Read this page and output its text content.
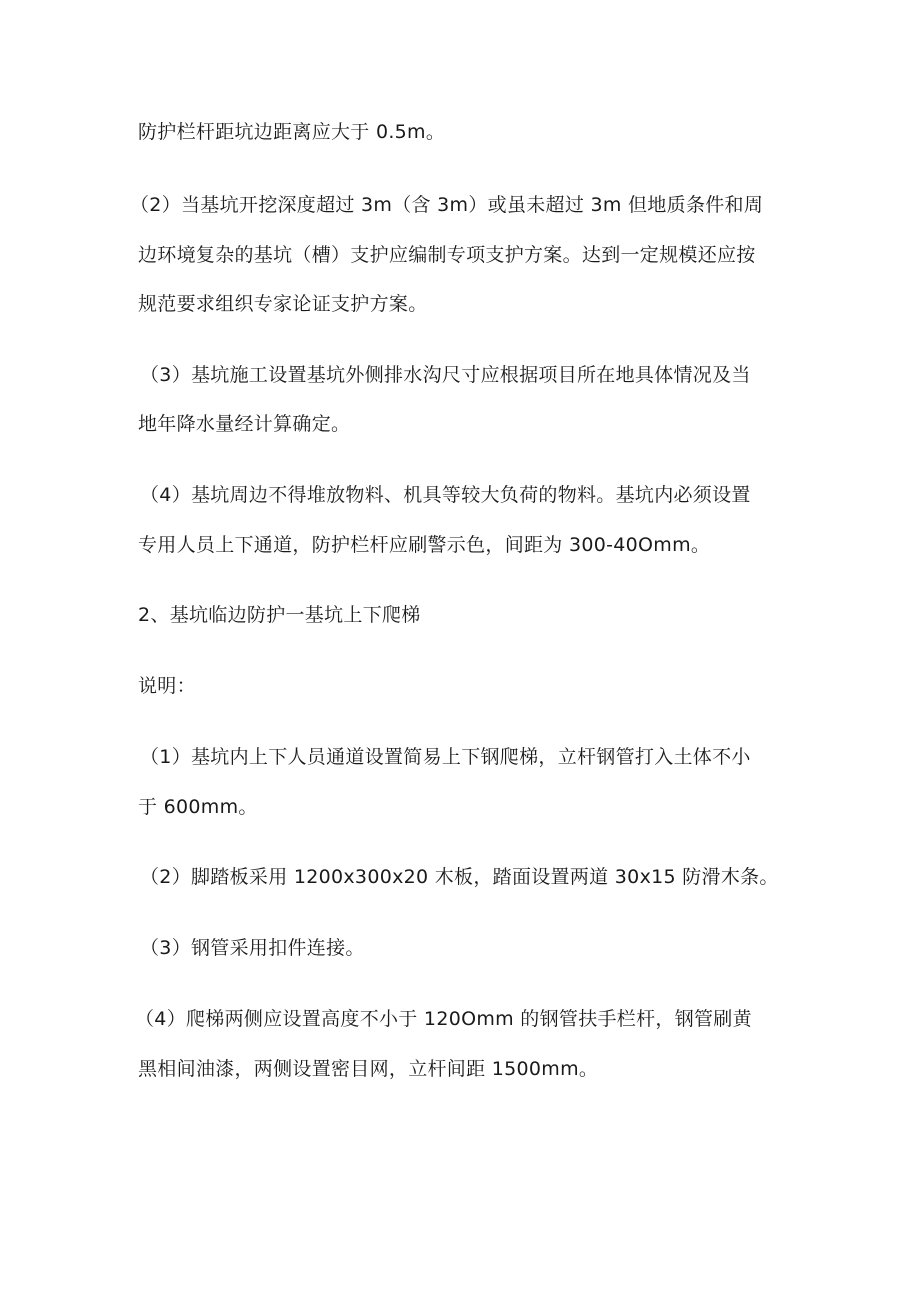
防护栏杆距坑边距离应大于 0.5m。
（2）当基坑开挖深度超过 3m（含 3m）或虽未超过 3m 但地质条件和周
边环境复杂的基坑（槽）支护应编制专项支护方案。达到一定规模还应按
规范要求组织专家论证支护方案。
（3）基坑施工设置基坑外侧排水沟尺寸应根据项目所在地具体情况及当
地年降水量经计算确定。
（4）基坑周边不得堆放物料、机具等较大负荷的物料。基坑内必须设置
专用人员上下通道，防护栏杆应刷警示色，间距为 300-40Omm。
2、基坑临边防护一基坑上下爬梯
说明：
（1）基坑内上下人员通道设置简易上下钢爬梯，立杆钢管打入土体不小
于 600mm。
（2）脚踏板采用 1200x300x20 木板，踏面设置两道 30x15 防滑木条。
（3）钢管采用扣件连接。
（4）爬梯两侧应设置高度不小于 120Omm 的钢管扶手栏杆，钢管刷黄
黑相间油漆，两侧设置密目网，立杆间距 1500mm。
